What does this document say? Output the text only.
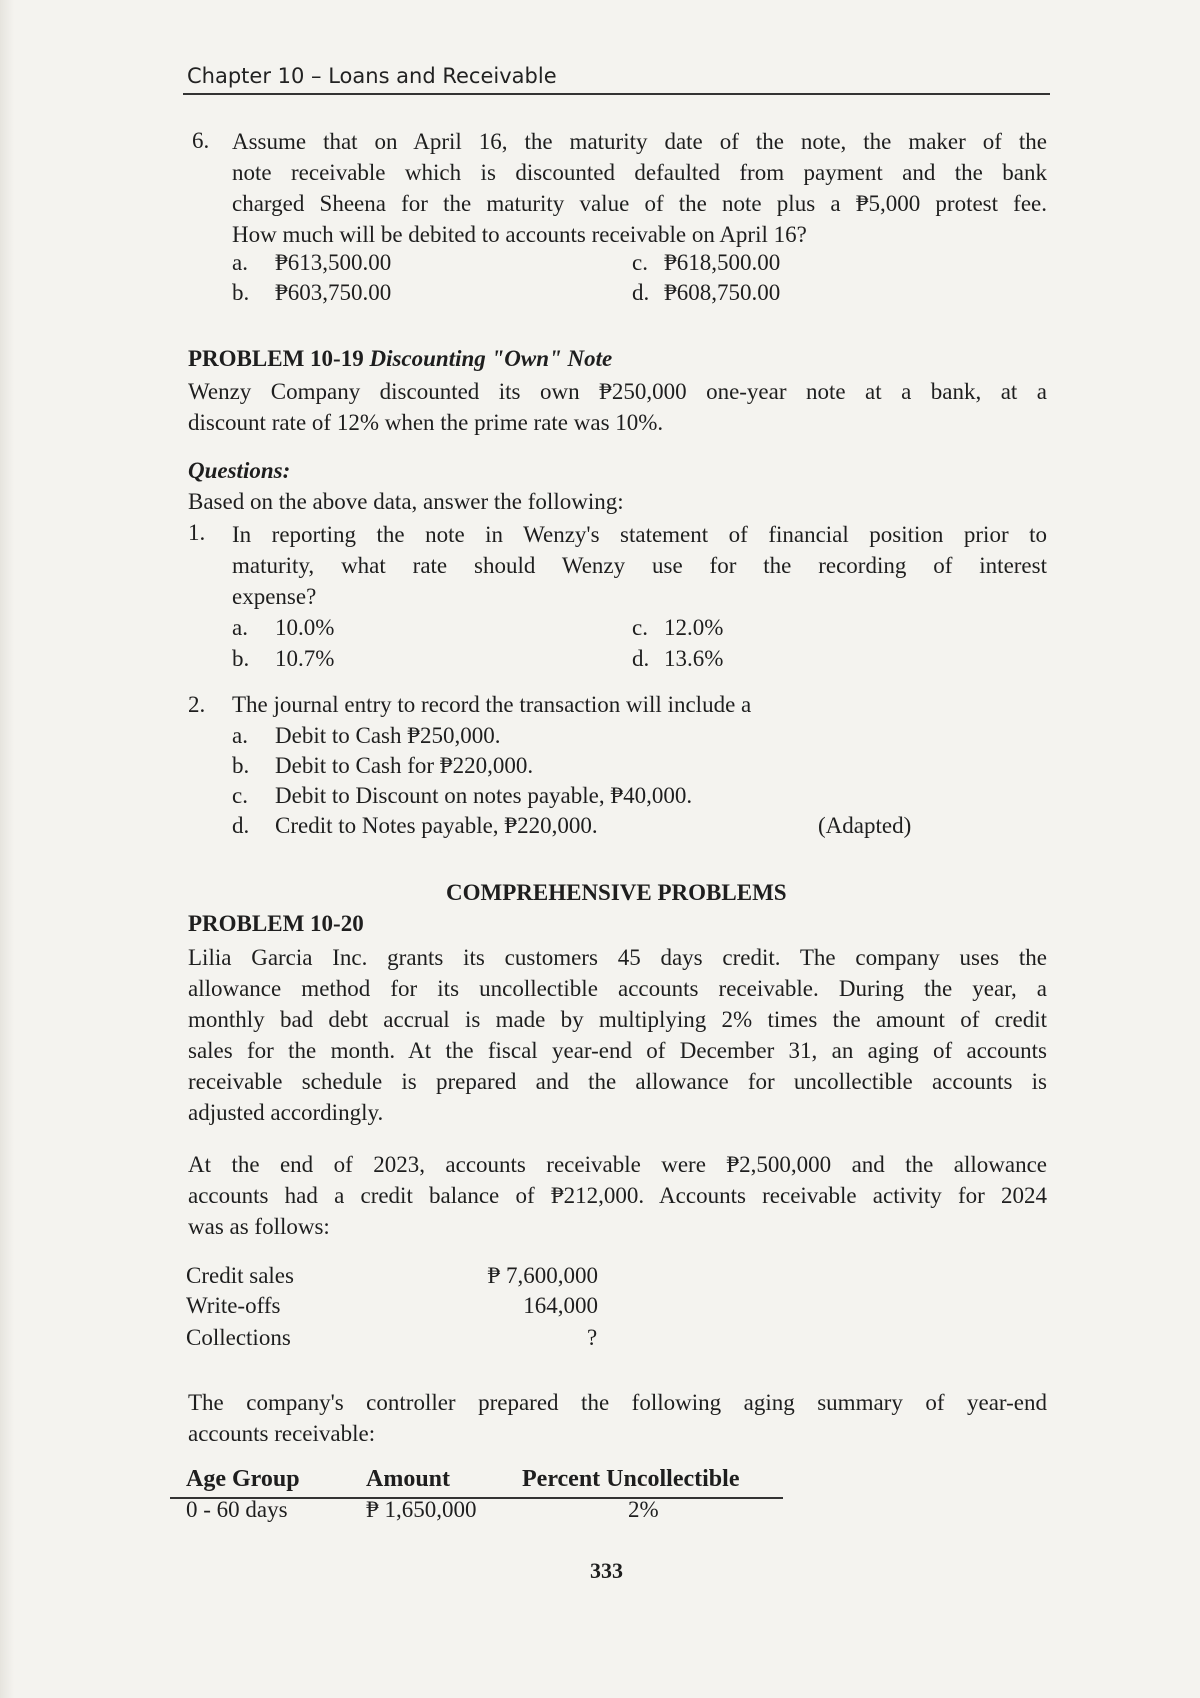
Chapter 10 – Loans and Receivable
6. Assume that on April 16, the maturity date of the note, the maker of the
note receivable which is discounted defaulted from payment and the bank
charged Sheena for the maturity value of the note plus a ₱5,000 protest fee.
How much will be debited to accounts receivable on April 16?
a. ₱613,500.00
b. ₱603,750.00
c. ₱618,500.00
d. ₱608,750.00
PROBLEM 10-19 Discounting "Own" Note
Wenzy Company discounted its own ₱250,000 one-year note at a bank, at a
discount rate of 12% when the prime rate was 10%.
Questions:
Based on the above data, answer the following:
1. In reporting the note in Wenzy's statement of financial position prior to
maturity, what rate should Wenzy use for the recording of interest
expense?
a. 10.0%
b. 10.7%
c. 12.0%
d. 13.6%
2. The journal entry to record the transaction will include a
a. Debit to Cash ₱250,000.
b. Debit to Cash for ₱220,000.
c. Debit to Discount on notes payable, ₱40,000.
d. Credit to Notes payable, ₱220,000.	(Adapted)
COMPREHENSIVE PROBLEMS
PROBLEM 10-20
Lilia Garcia Inc. grants its customers 45 days credit. The company uses the
allowance method for its uncollectible accounts receivable. During the year, a
monthly bad debt accrual is made by multiplying 2% times the amount of credit
sales for the month. At the fiscal year-end of December 31, an aging of accounts
receivable schedule is prepared and the allowance for uncollectible accounts is
adjusted accordingly.
At the end of 2023, accounts receivable were ₱2,500,000 and the allowance
accounts had a credit balance of ₱212,000. Accounts receivable activity for 2024
was as follows:
Credit sales	₱ 7,600,000
Write-offs	164,000
Collections	?
The company's controller prepared the following aging summary of year-end
accounts receivable:
Age Group	Amount	Percent Uncollectible
0 - 60 days	₱ 1,650,000	2%
333
